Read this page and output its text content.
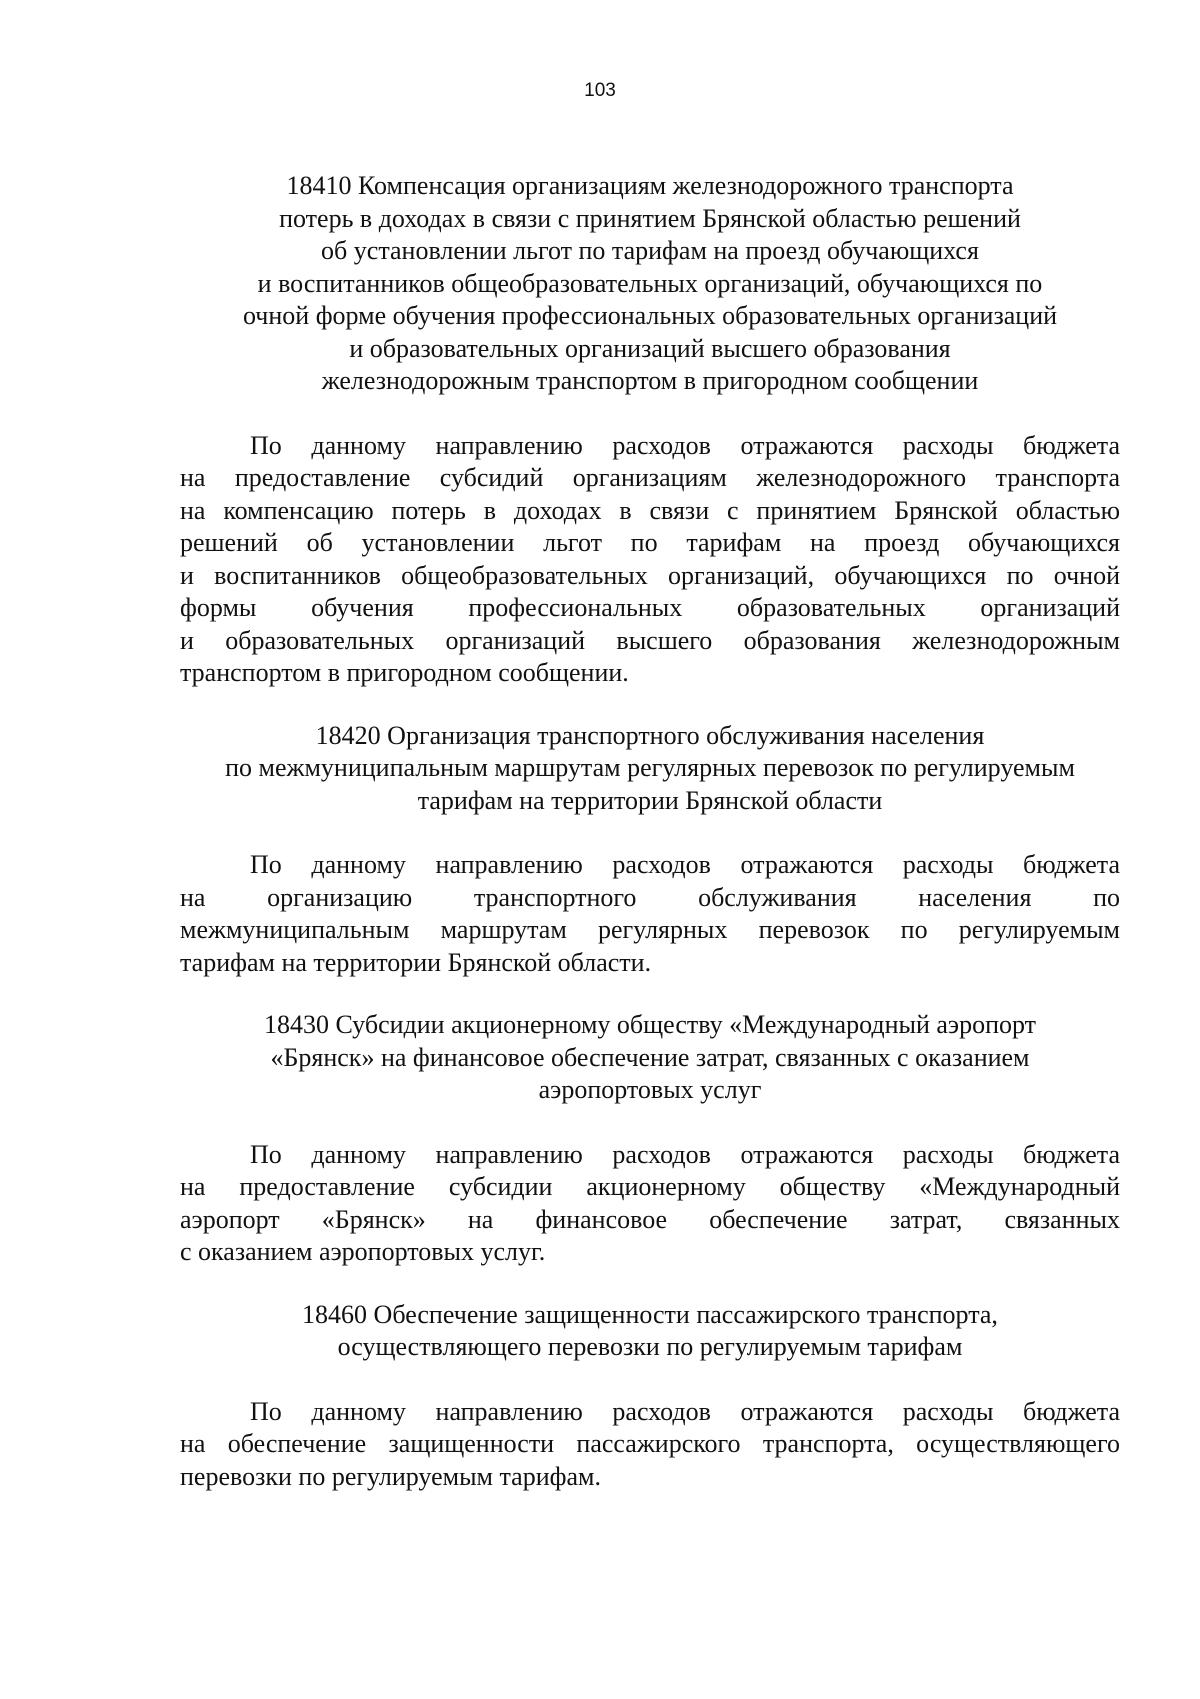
103
18410 Компенсация организациям железнодорожного транспорта
потерь в доходах в связи с принятием Брянской областью решений
об установлении льгот по тарифам на проезд обучающихся
и воспитанников общеобразовательных организаций, обучающихся по
очной форме обучения профессиональных образовательных организаций
и образовательных организаций высшего образования
железнодорожным транспортом в пригородном сообщении
По данному направлению расходов отражаются расходы бюджета
на предоставление субсидий организациям железнодорожного транспорта
на компенсацию потерь в доходах в связи с принятием Брянской областью
решений об установлении льгот по тарифам на проезд обучающихся
и воспитанников общеобразовательных организаций, обучающихся по очной
формы обучения профессиональных образовательных организаций
и образовательных организаций высшего образования железнодорожным
транспортом в пригородном сообщении.
18420 Организация транспортного обслуживания населения
по межмуниципальным маршрутам регулярных перевозок по регулируемым
тарифам на территории Брянской области
По данному направлению расходов отражаются расходы бюджета
на организацию транспортного обслуживания населения по
межмуниципальным маршрутам регулярных перевозок по регулируемым
тарифам на территории Брянской области.
18430 Субсидии акционерному обществу «Международный аэропорт
«Брянск» на финансовое обеспечение затрат, связанных с оказанием
аэропортовых услуг
По данному направлению расходов отражаются расходы бюджета
на предоставление субсидии акционерному обществу «Международный
аэропорт «Брянск» на финансовое обеспечение затрат, связанных
с оказанием аэропортовых услуг.
18460 Обеспечение защищенности пассажирского транспорта,
осуществляющего перевозки по регулируемым тарифам
По данному направлению расходов отражаются расходы бюджета
на обеспечение защищенности пассажирского транспорта, осуществляющего
перевозки по регулируемым тарифам.
